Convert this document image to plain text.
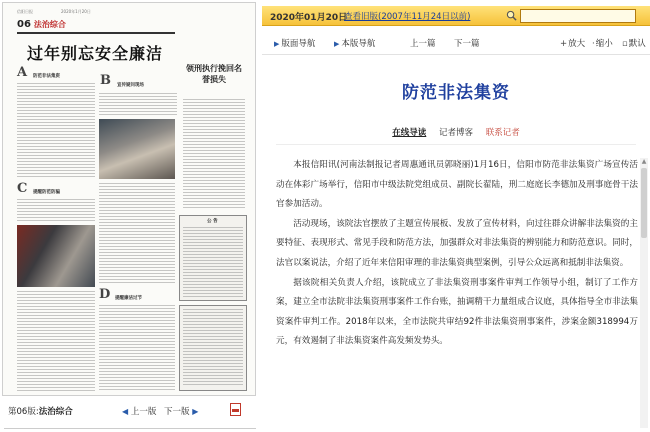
信阳日报	2020年1月20日
06 法治综合
过年别忘安全廉洁
领刑执行挽回名誉损失
A 防范非法集资	B 宣传疑问现场
C 提醒防范防骗
公 告
D 提醒廉洁过节
第06版:法治综合	◀ 上一版 下一版 ▶
2020年01月20日
查看旧版(2007年11月24日以前)
▶ 版面导航	▶ 本版导航	上一篇 下一篇	+放大 ·缩小 ▫默认
防范非法集资
在线导读 记者博客 联系记者

本报信阳讯(河南法制报记者周惠通讯员郭晓丽)1月16日，信阳市防范非法集资广场宣传活动在体彩广场举行，信阳市中级法院党组成员、副院长翟陆，刑二庭庭长李德加及刑事庭骨干法官参加活动。

活动现场，该院法官摆放了主题宣传展板、发放了宣传材料，向过往群众讲解非法集资的主要特征、表现形式、常见手段和防范方法，加强群众对非法集资的辨别能力和防范意识。同时，法官以案说法，介绍了近年来信阳审理的非法集资典型案例，引导公众远离和抵制非法集资。

据该院相关负责人介绍，该院成立了非法集资刑事案件审判工作领导小组，制订了工作方案，建立全市法院非法集资刑事案件工作台账，抽调精干力量组成合议庭，具体指导全市非法集资案件审判工作。2018年以来，全市法院共审结92件非法集资刑事案件，涉案金额318994万元，有效遏制了非法集资案件高发频发势头。

▲
